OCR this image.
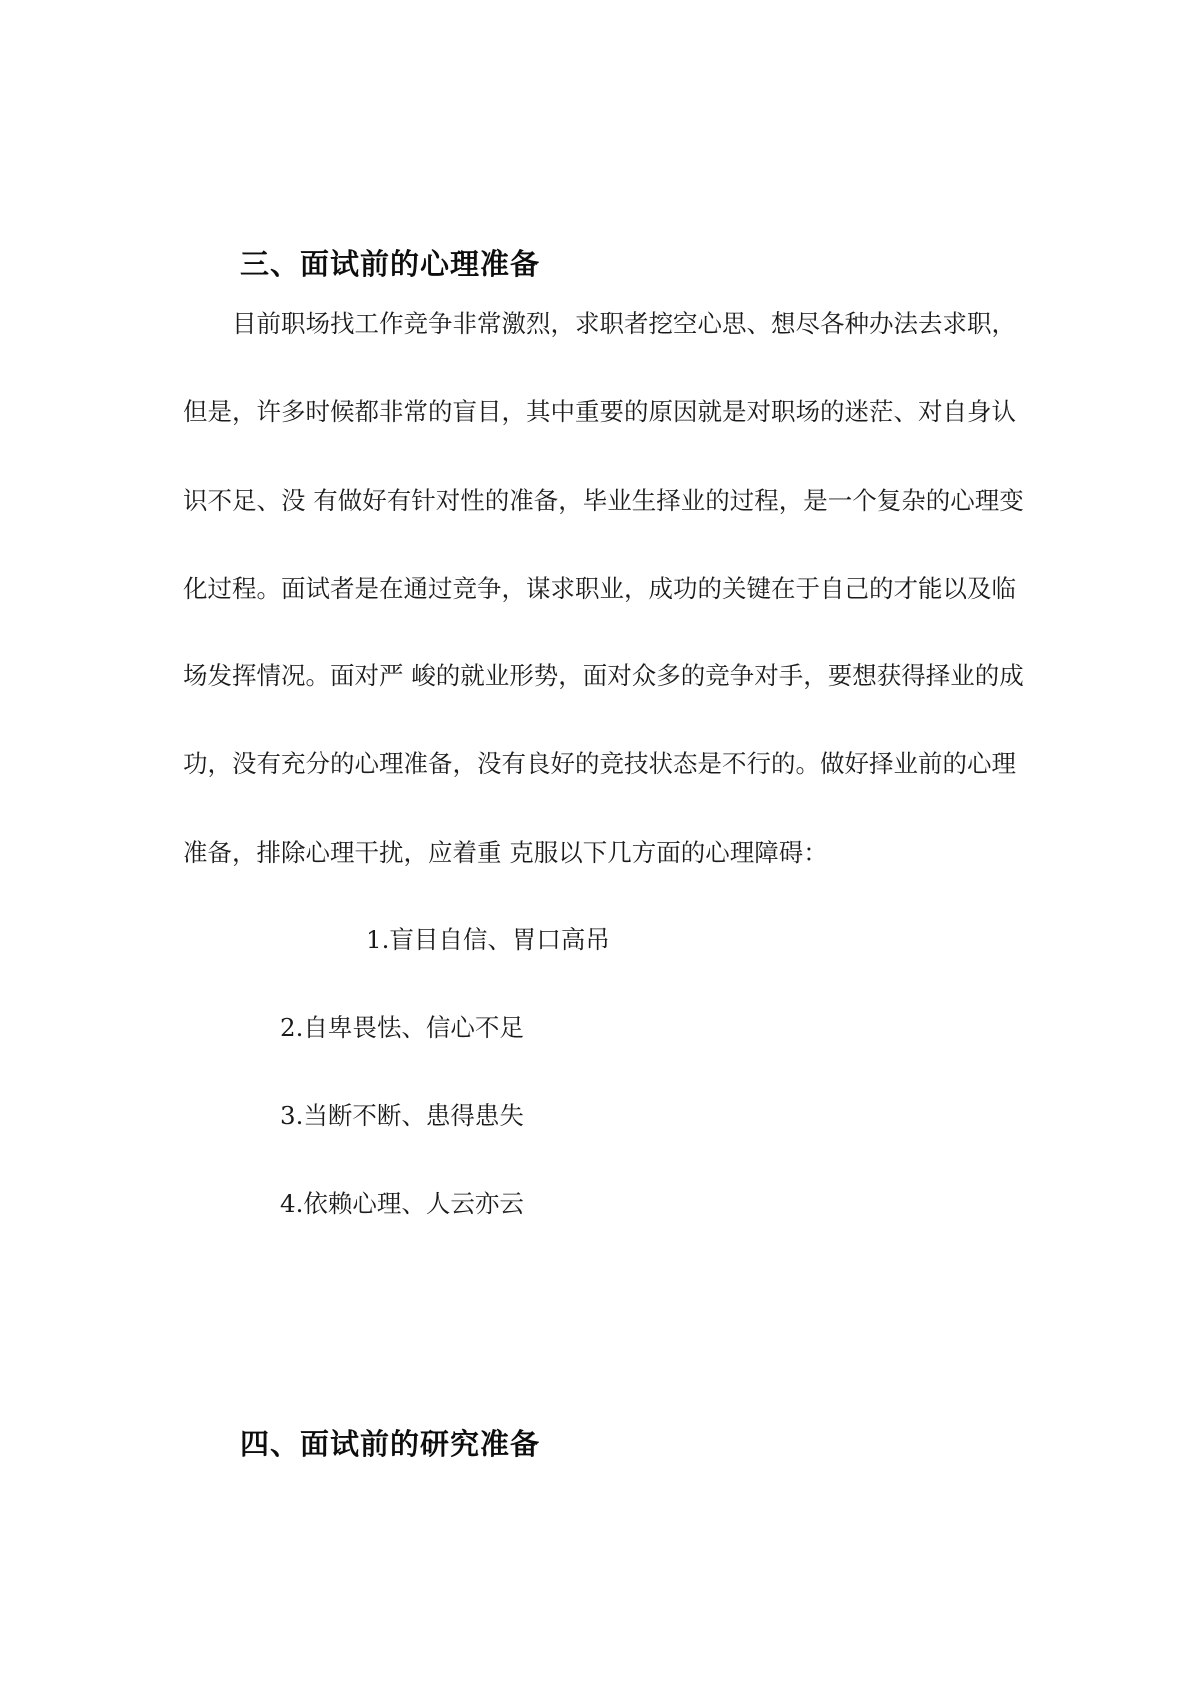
三、面试前的心理准备
目前职场找工作竞争非常激烈，求职者挖空心思、想尽各种办法去求职，
但是，许多时候都非常的盲目，其中重要的原因就是对职场的迷茫、对自身认
识不足、没 有做好有针对性的准备，毕业生择业的过程，是一个复杂的心理变
化过程。面试者是在通过竞争，谋求职业，成功的关键在于自己的才能以及临
场发挥情况。面对严 峻的就业形势，面对众多的竞争对手，要想获得择业的成
功，没有充分的心理准备，没有良好的竞技状态是不行的。做好择业前的心理
准备，排除心理干扰，应着重 克服以下几方面的心理障碍：
1.盲目自信、胃口高吊
2.自卑畏怯、信心不足
3.当断不断、患得患失
4.依赖心理、人云亦云
四、面试前的研究准备
